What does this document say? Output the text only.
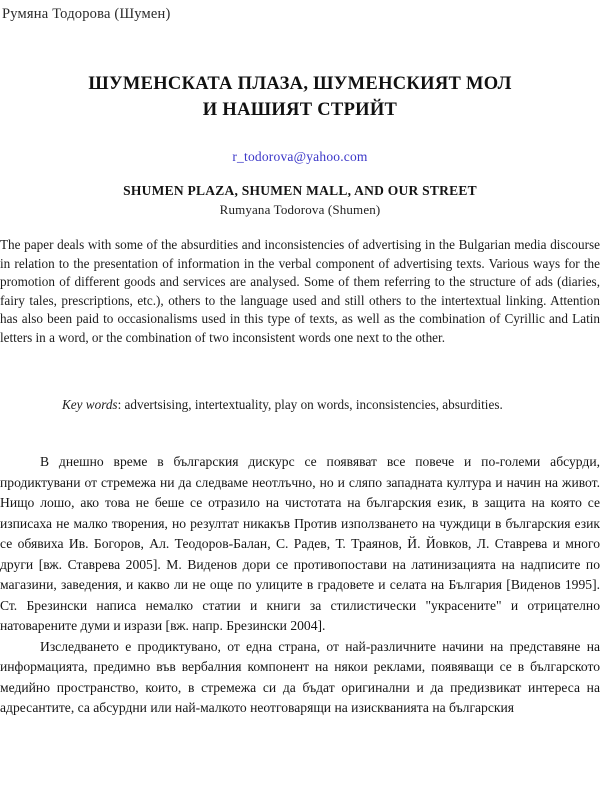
Румяна Тодорова (Шумен)
ШУМЕНСКАТА ПЛАЗА, ШУМЕНСКИЯТ МОЛ
И НАШИЯТ СТРИЙТ
r_todorova@yahoo.com
SHUMEN PLAZA, SHUMEN MALL, AND OUR STREET
Rumyana Todorova (Shumen)

The paper deals with some of the absurdities and inconsistencies of advertising in the Bulgarian media discourse in relation to the presentation of information in the verbal component of advertising texts. Various ways for the promotion of different goods and services are analysed. Some of them referring to the structure of ads (diaries, fairy tales, prescriptions, etc.), others to the language used and still others to the intertextual linking. Attention has also been paid to occasionalisms used in this type of texts, as well as the combination of Cyrillic and Latin letters in a word, or the combination of two inconsistent words one next to the other.

Key words: advertsising, intertextuality, play on words, inconsistencies, absurdities.

В днешно време в българския дискурс се появяват все повече и по-големи абсурди, продиктувани от стремежа ни да следваме неотлъчно, но и сляпо западната култура и начин на живот. Нищо лошо, ако това не беше се отразило на чистотата на българския език, в защита на която се изписаха не малко творения, но резултат никакъв Против използването на чуждици в българския език се обявиха Ив. Богоров, Ал. Теодоров-Балан, С. Радев, Т. Траянов, Й. Йовков, Л. Ставрева и много други [вж. Ставрева 2005]. М. Виденов дори се противопостави на латинизацията на надписите по магазини, заведения, и какво ли не още по улиците в градовете и селата на България [Виденов 1995]. Ст. Брезински написа немалко статии и книги за стилистически "украсените" и отрицателно натоварените думи и изрази [вж. напр. Брезински 2004].

Изследването е продиктувано, от една страна, от най-различните начини на представяне на информацията, предимно във вербалния компонент на някои реклами, появяващи се в българското медийно пространство, които, в стремежа си да бъдат оригинални и да предизвикат интереса на адресантите, са абсурдни или най-малкото неотговарящи на изискванията на българския
